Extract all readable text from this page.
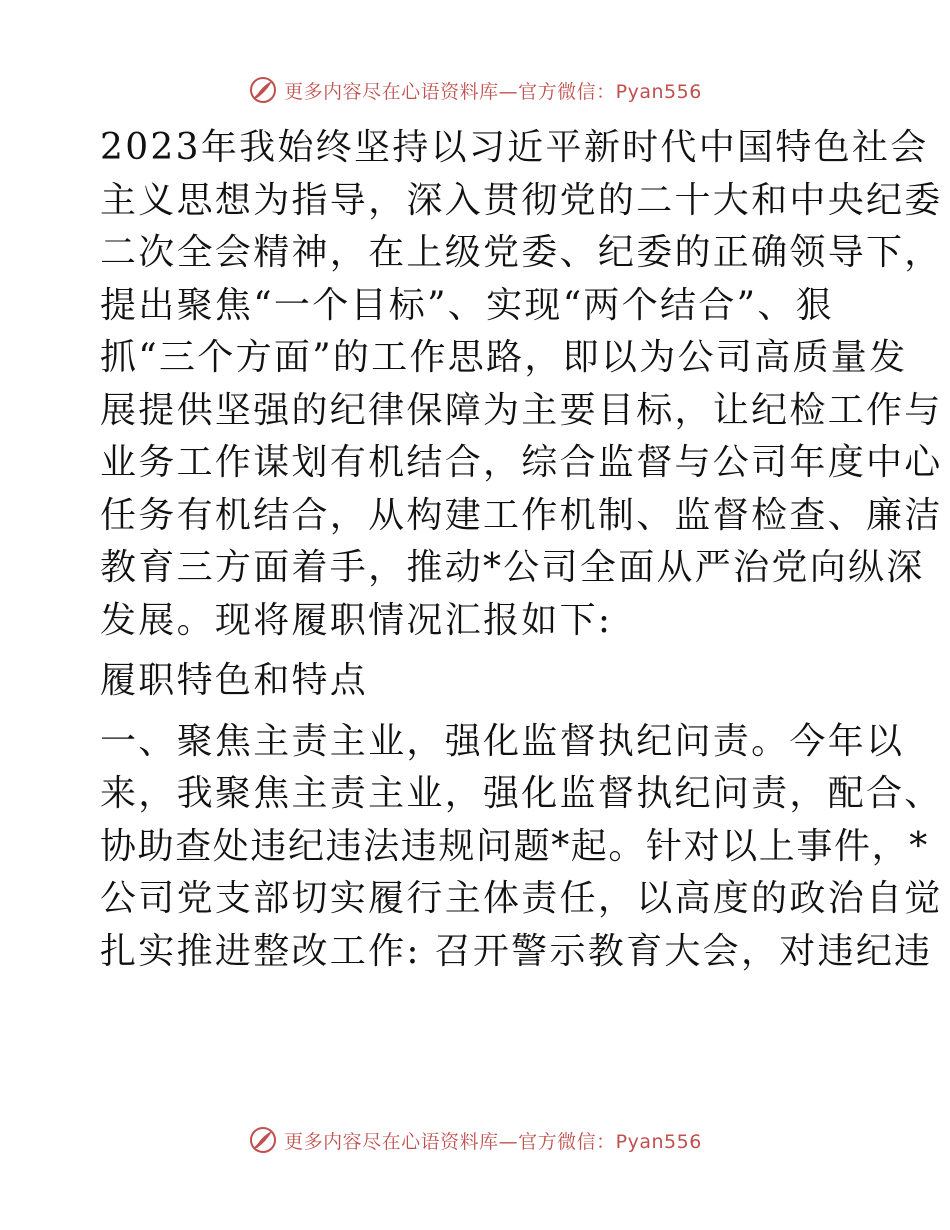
更多内容尽在心语资料库—官方微信：Pyan556
2023年我始终坚持以习近平新时代中国特色社会
主义思想为指导，深入贯彻党的二十大和中央纪委
二次全会精神，在上级党委、纪委的正确领导下，
提出聚焦“一个目标”、实现“两个结合”、狠
抓“三个方面”的工作思路，即以为公司高质量发
展提供坚强的纪律保障为主要目标，让纪检工作与
业务工作谋划有机结合，综合监督与公司年度中心
任务有机结合，从构建工作机制、监督检查、廉洁
教育三方面着手，推动*公司全面从严治党向纵深
发展。现将履职情况汇报如下:
履职特色和特点
一、聚焦主责主业，强化监督执纪问责。今年以
来，我聚焦主责主业，强化监督执纪问责，配合、
协助查处违纪违法违规问题*起。针对以上事件，*
公司党支部切实履行主体责任，以高度的政治自觉
扎实推进整改工作: 召开警示教育大会，对违纪违
更多内容尽在心语资料库—官方微信：Pyan556
